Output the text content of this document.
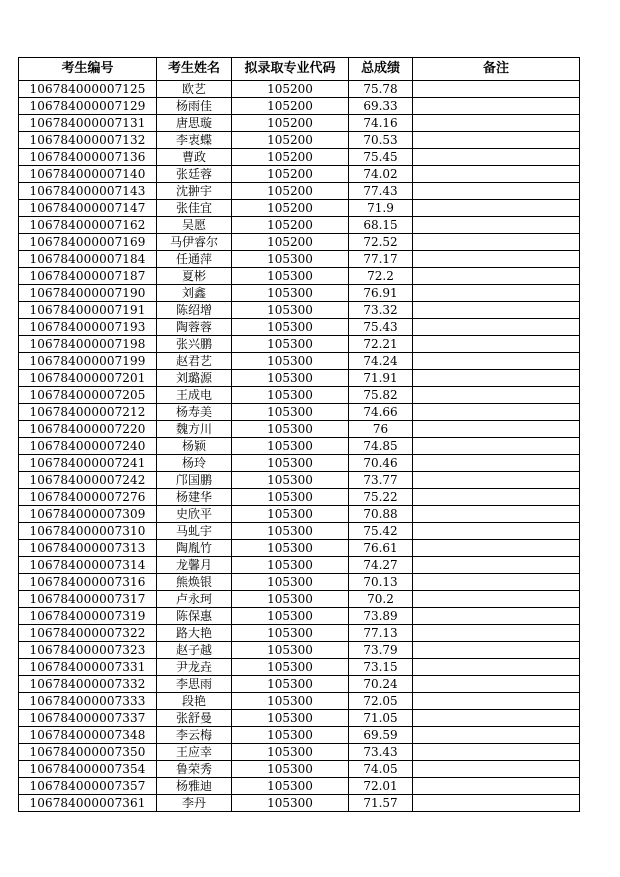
考生编号	考生姓名	拟录取专业代码	总成绩	备注
106784000007125	欧艺	105200	75.78	
106784000007129	杨雨佳	105200	69.33	
106784000007131	唐思璇	105200	74.16	
106784000007132	李衷蝶	105200	70.53	
106784000007136	曹政	105200	75.45	
106784000007140	张廷蓉	105200	74.02	
106784000007143	沈翀宇	105200	77.43	
106784000007147	张佳宜	105200	71.9	
106784000007162	吴愿	105200	68.15	
106784000007169	马伊睿尔	105200	72.52	
106784000007184	任通萍	105300	77.17	
106784000007187	夏彬	105300	72.2	
106784000007190	刘鑫	105300	76.91	
106784000007191	陈绍增	105300	73.32	
106784000007193	陶蓉蓉	105300	75.43	
106784000007198	张兴鹏	105300	72.21	
106784000007199	赵君艺	105300	74.24	
106784000007201	刘璐源	105300	71.91	
106784000007205	王成电	105300	75.82	
106784000007212	杨寿美	105300	74.66	
106784000007220	魏方川	105300	76	
106784000007240	杨颖	105300	74.85	
106784000007241	杨玲	105300	70.46	
106784000007242	邝国鹏	105300	73.77	
106784000007276	杨建华	105300	75.22	
106784000007309	史欣平	105300	70.88	
106784000007310	马虬宇	105300	75.42	
106784000007313	陶胤竹	105300	76.61	
106784000007314	龙馨月	105300	74.27	
106784000007316	熊焕银	105300	70.13	
106784000007317	卢永珂	105300	70.2	
106784000007319	陈保惠	105300	73.89	
106784000007322	路大艳	105300	77.13	
106784000007323	赵子越	105300	73.79	
106784000007331	尹龙垚	105300	73.15	
106784000007332	李思雨	105300	70.24	
106784000007333	段艳	105300	72.05	
106784000007337	张舒曼	105300	71.05	
106784000007348	李云梅	105300	69.59	
106784000007350	王应幸	105300	73.43	
106784000007354	鲁荣秀	105300	74.05	
106784000007357	杨雅迪	105300	72.01	
106784000007361	李丹	105300	71.57	
